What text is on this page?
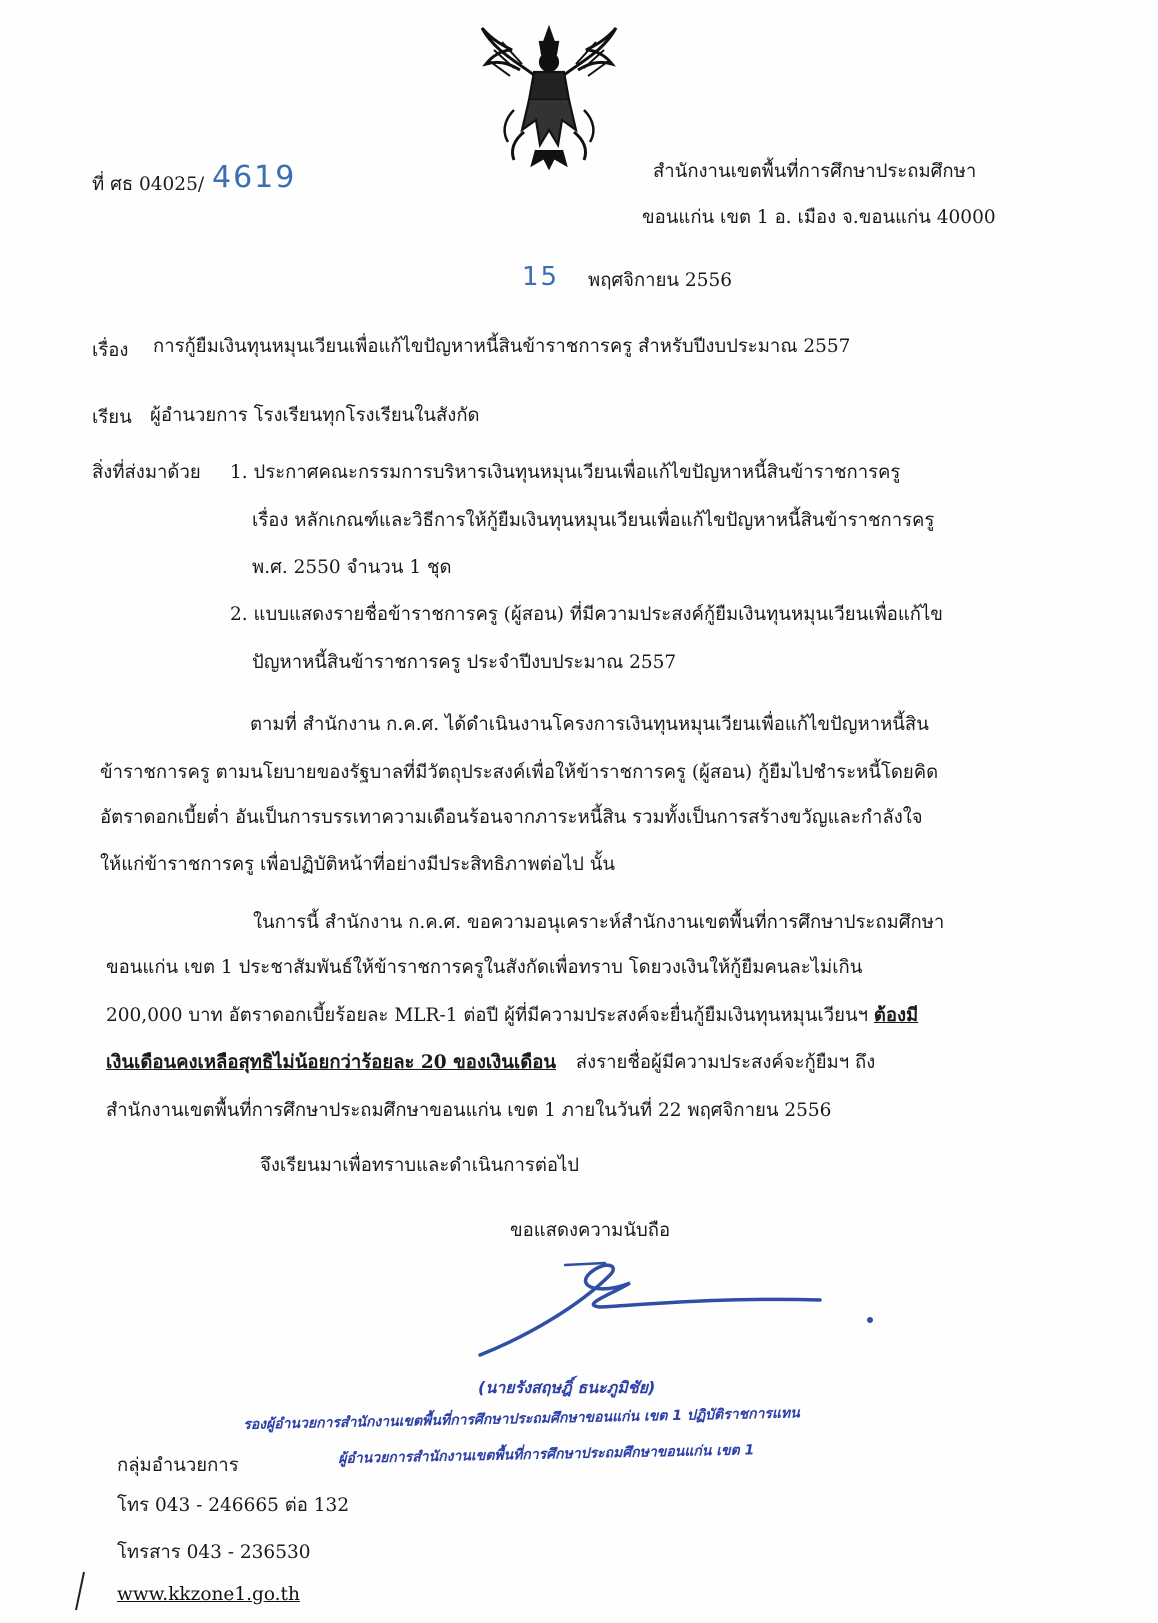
ที่ ศธ 04025/ 4619	สำนักงานเขตพื้นที่การศึกษาประถมศึกษา
ขอนแก่น เขต 1 อ. เมือง จ.ขอนแก่น 40000
15 พฤศจิกายน 2556
เรื่อง การกู้ยืมเงินทุนหมุนเวียนเพื่อแก้ไขปัญหาหนี้สินข้าราชการครู สำหรับปีงบประมาณ 2557
เรียน ผู้อำนวยการ โรงเรียนทุกโรงเรียนในสังกัด
สิ่งที่ส่งมาด้วย 1. ประกาศคณะกรรมการบริหารเงินทุนหมุนเวียนเพื่อแก้ไขปัญหาหนี้สินข้าราชการครู
เรื่อง หลักเกณฑ์และวิธีการให้กู้ยืมเงินทุนหมุนเวียนเพื่อแก้ไขปัญหาหนี้สินข้าราชการครู
พ.ศ. 2550 จำนวน 1 ชุด
2. แบบแสดงรายชื่อข้าราชการครู (ผู้สอน) ที่มีความประสงค์กู้ยืมเงินทุนหมุนเวียนเพื่อแก้ไข
ปัญหาหนี้สินข้าราชการครู ประจำปีงบประมาณ 2557
ตามที่ สำนักงาน ก.ค.ศ. ได้ดำเนินงานโครงการเงินทุนหมุนเวียนเพื่อแก้ไขปัญหาหนี้สิน
ข้าราชการครู ตามนโยบายของรัฐบาลที่มีวัตถุประสงค์เพื่อให้ข้าราชการครู (ผู้สอน) กู้ยืมไปชำระหนี้โดยคิด
อัตราดอกเบี้ยต่ำ อันเป็นการบรรเทาความเดือนร้อนจากภาระหนี้สิน รวมทั้งเป็นการสร้างขวัญและกำลังใจ
ให้แก่ข้าราชการครู เพื่อปฏิบัติหน้าที่อย่างมีประสิทธิภาพต่อไป นั้น
ในการนี้ สำนักงาน ก.ค.ศ. ขอความอนุเคราะห์สำนักงานเขตพื้นที่การศึกษาประถมศึกษา
ขอนแก่น เขต 1 ประชาสัมพันธ์ให้ข้าราชการครูในสังกัดเพื่อทราบ โดยวงเงินให้กู้ยืมคนละไม่เกิน
200,000 บาท อัตราดอกเบี้ยร้อยละ MLR-1 ต่อปี ผู้ที่มีความประสงค์จะยื่นกู้ยืมเงินทุนหมุนเวียนฯ ต้องมี
เงินเดือนคงเหลือสุทธิไม่น้อยกว่าร้อยละ 20 ของเงินเดือน ส่งรายชื่อผู้มีความประสงค์จะกู้ยืมฯ ถึง
สำนักงานเขตพื้นที่การศึกษาประถมศึกษาขอนแก่น เขต 1 ภายในวันที่ 22 พฤศจิกายน 2556
จึงเรียนมาเพื่อทราบและดำเนินการต่อไป
ขอแสดงความนับถือ
(นายรังสฤษฎิ์ ธนะภูมิชัย)
รองผู้อำนวยการสำนักงานเขตพื้นที่การศึกษาประถมศึกษาขอนแก่น เขต 1 ปฏิบัติราชการแทน
ผู้อำนวยการสำนักงานเขตพื้นที่การศึกษาประถมศึกษาขอนแก่น เขต 1
กลุ่มอำนวยการ
โทร 043 - 246665 ต่อ 132
โทรสาร 043 - 236530
www.kkzone1.go.th
